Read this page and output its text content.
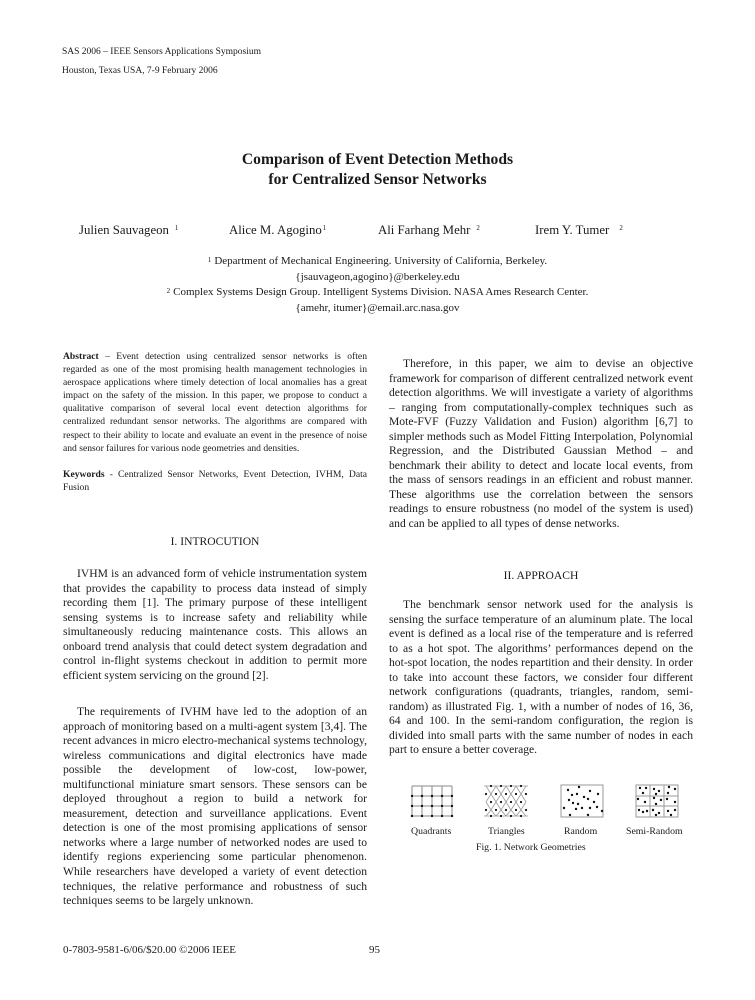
SAS 2006 – IEEE Sensors Applications Symposium
Houston, Texas USA, 7-9 February 2006
Comparison of Event Detection Methods
for Centralized Sensor Networks
Julien Sauvageon $^1$	Alice M. Agogino$^1$	Ali Farhang Mehr $^2$	Irem Y. Tumer $^2$
$^1$ Department of Mechanical Engineering. University of California, Berkeley.
{jsauvageon,agogino}@berkeley.edu
$^2$ Complex Systems Design Group. Intelligent Systems Division. NASA Ames Research Center.
{amehr, itumer}@email.arc.nasa.gov

Abstract – Event detection using centralized sensor networks is often regarded as one of the most promising health management technologies in aerospace applications where timely detection of local anomalies has a great impact on the safety of the mission. In this paper, we propose to conduct a qualitative comparison of several local event detection algorithms for centralized redundant sensor networks. The algorithms are compared with respect to their ability to locate and evaluate an event in the presence of noise and sensor failures for various node geometries and densities.

Keywords - Centralized Sensor Networks, Event Detection, IVHM, Data Fusion

I. INTROCUTION

IVHM is an advanced form of vehicle instrumentation system that provides the capability to process data instead of simply recording them [1]. The primary purpose of these intelligent sensing systems is to increase safety and reliability while simultaneously reducing maintenance costs. This allows an onboard trend analysis that could detect system degradation and control in-flight systems checkout in addition to permit more efficient system servicing on the ground [2].

The requirements of IVHM have led to the adoption of an approach of monitoring based on a multi-agent system [3,4]. The recent advances in micro electro-mechanical systems technology, wireless communications and digital electronics have made possible the development of low-cost, low-power, multifunctional miniature smart sensors. These sensors can be deployed throughout a region to build a network for measurement, detection and surveillance applications. Event detection is one of the most promising applications of sensor networks where a large number of networked nodes are used to identify regions experiencing some particular phenomenon. While researchers have developed a variety of event detection techniques, the relative performance and robustness of such techniques seems to be largely unknown.

Therefore, in this paper, we aim to devise an objective framework for comparison of different centralized network event detection algorithms. We will investigate a variety of algorithms – ranging from computationally-complex techniques such as Mote-FVF (Fuzzy Validation and Fusion) algorithm [6,7] to simpler methods such as Model Fitting Interpolation, Polynomial Regression, and the Distributed Gaussian Method – and benchmark their ability to detect and locate local events, from the mass of sensors readings in an efficient and robust manner. These algorithms use the correlation between the sensors readings to ensure robustness (no model of the system is used) and can be applied to all types of dense networks.

II. APPROACH

The benchmark sensor network used for the analysis is sensing the surface temperature of an aluminum plate. The local event is defined as a local rise of the temperature and is referred to as a hot spot. The algorithms’ performances depend on the hot-spot location, the nodes repartition and their density. In order to take into account these factors, we consider four different network configurations (quadrants, triangles, random, semi-random) as illustrated Fig. 1, with a number of nodes of 16, 36, 64 and 100. In the semi-random configuration, the region is divided into small parts with the same number of nodes in each part to ensure a better coverage.

Quadrants	Triangles	Random	Semi-Random
Fig. 1. Network Geometries
0-7803-9581-6/06/$20.00 ©2006 IEEE	95
